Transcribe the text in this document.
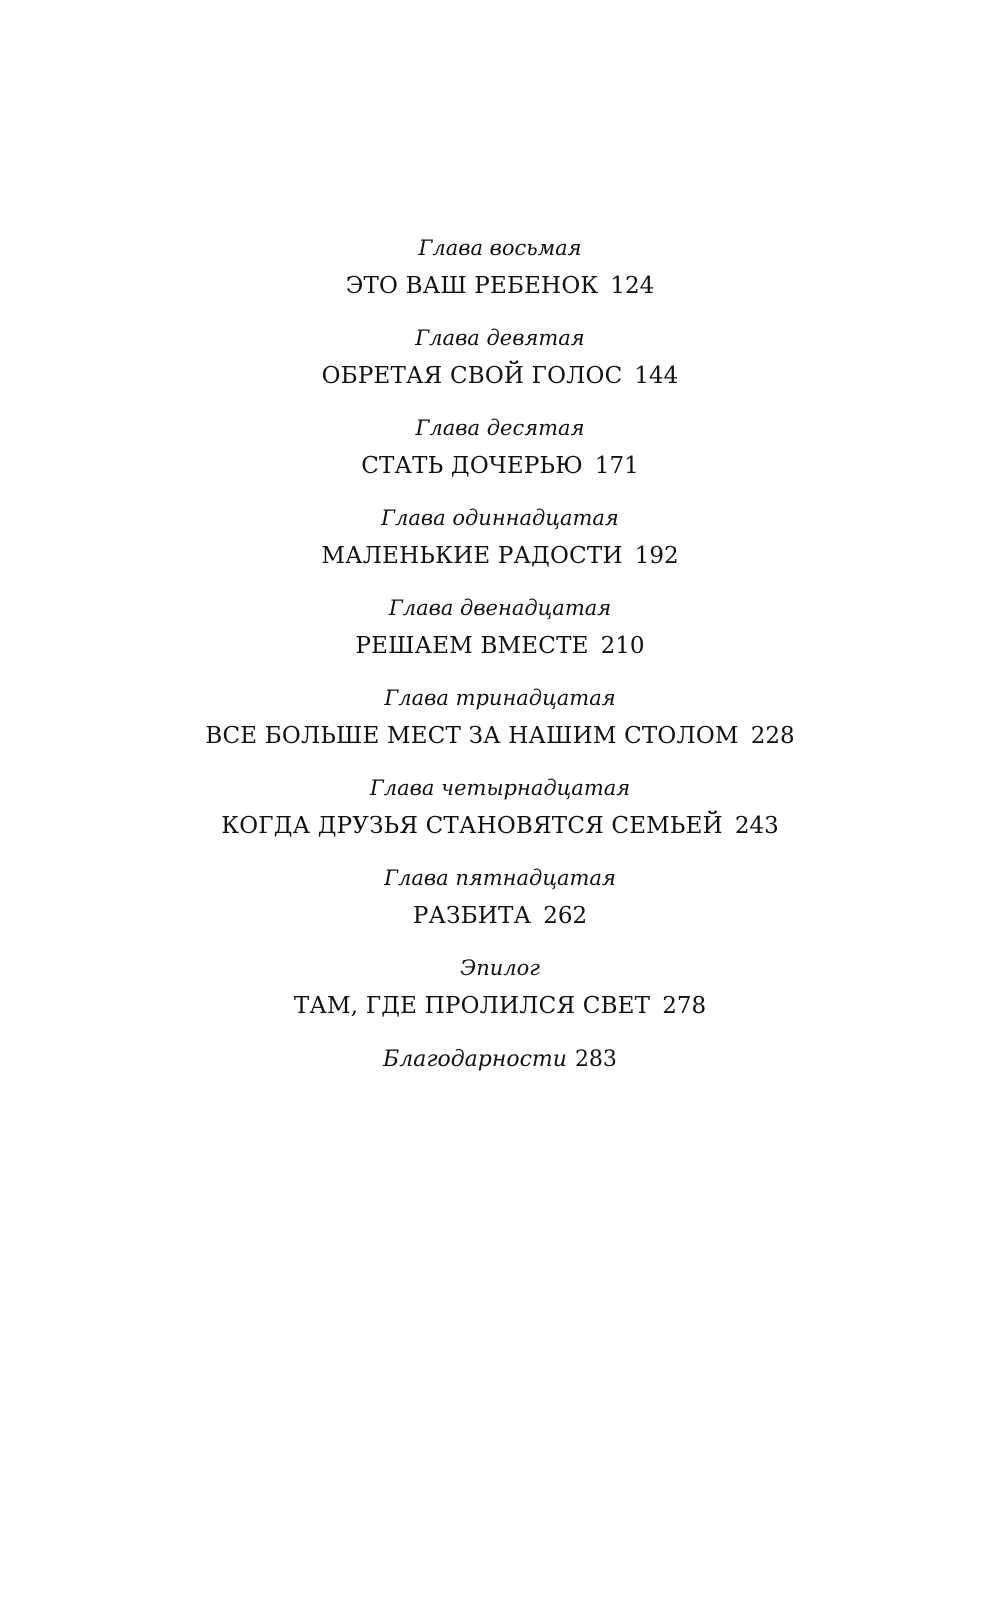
Глава восьмая
ЭТО ВАШ РЕБЕНОК 124
Глава девятая
ОБРЕТАЯ СВОЙ ГОЛОС 144
Глава десятая
СТАТЬ ДОЧЕРЬЮ 171
Глава одиннадцатая
МАЛЕНЬКИЕ РАДОСТИ 192
Глава двенадцатая
РЕШАЕМ ВМЕСТЕ 210
Глава тринадцатая
ВСЕ БОЛЬШЕ МЕСТ ЗА НАШИМ СТОЛОМ 228
Глава четырнадцатая
КОГДА ДРУЗЬЯ СТАНОВЯТСЯ СЕМЬЕЙ 243
Глава пятнадцатая
РАЗБИТА 262
Эпилог
ТАМ, ГДЕ ПРОЛИЛСЯ СВЕТ 278
Благодарности 283
